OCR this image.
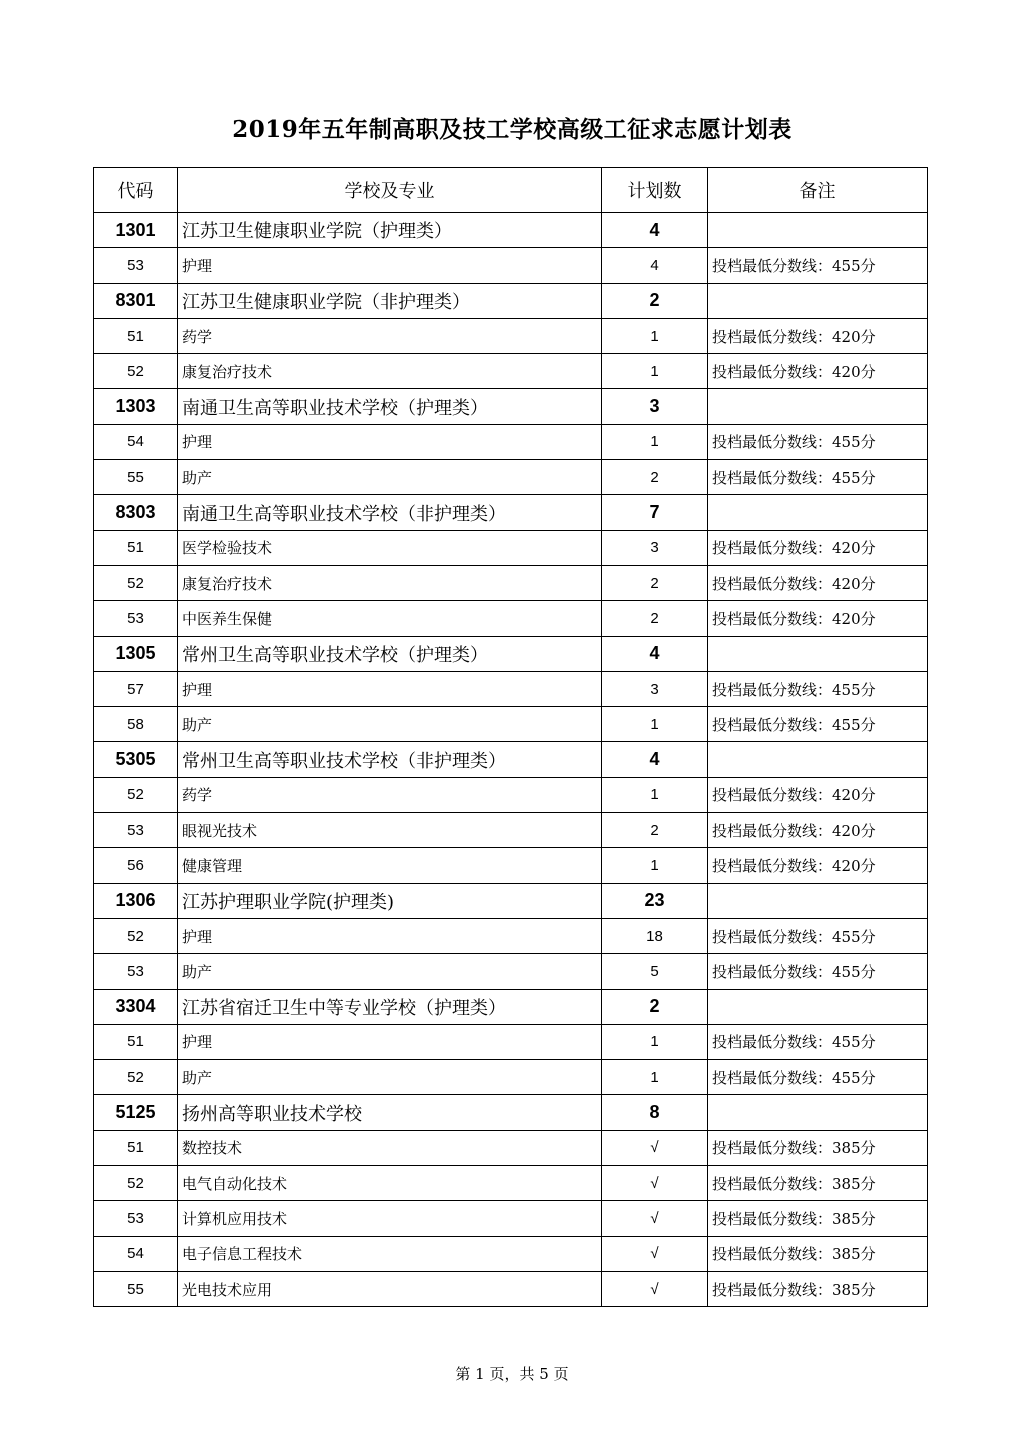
2019年五年制高职及技工学校高级工征求志愿计划表
代码	学校及专业	计划数	备注
1301	江苏卫生健康职业学院（护理类）	4	
53	护理	4	投档最低分数线：455分
8301	江苏卫生健康职业学院（非护理类）	2	
51	药学	1	投档最低分数线：420分
52	康复治疗技术	1	投档最低分数线：420分
1303	南通卫生高等职业技术学校（护理类）	3	
54	护理	1	投档最低分数线：455分
55	助产	2	投档最低分数线：455分
8303	南通卫生高等职业技术学校（非护理类）	7	
51	医学检验技术	3	投档最低分数线：420分
52	康复治疗技术	2	投档最低分数线：420分
53	中医养生保健	2	投档最低分数线：420分
1305	常州卫生高等职业技术学校（护理类）	4	
57	护理	3	投档最低分数线：455分
58	助产	1	投档最低分数线：455分
5305	常州卫生高等职业技术学校（非护理类）	4	
52	药学	1	投档最低分数线：420分
53	眼视光技术	2	投档最低分数线：420分
56	健康管理	1	投档最低分数线：420分
1306	江苏护理职业学院(护理类)	23	
52	护理	18	投档最低分数线：455分
53	助产	5	投档最低分数线：455分
3304	江苏省宿迁卫生中等专业学校（护理类）	2	
51	护理	1	投档最低分数线：455分
52	助产	1	投档最低分数线：455分
5125	扬州高等职业技术学校	8	
51	数控技术	√	投档最低分数线：385分
52	电气自动化技术	√	投档最低分数线：385分
53	计算机应用技术	√	投档最低分数线：385分
54	电子信息工程技术	√	投档最低分数线：385分
55	光电技术应用	√	投档最低分数线：385分
第 1 页，共 5 页
